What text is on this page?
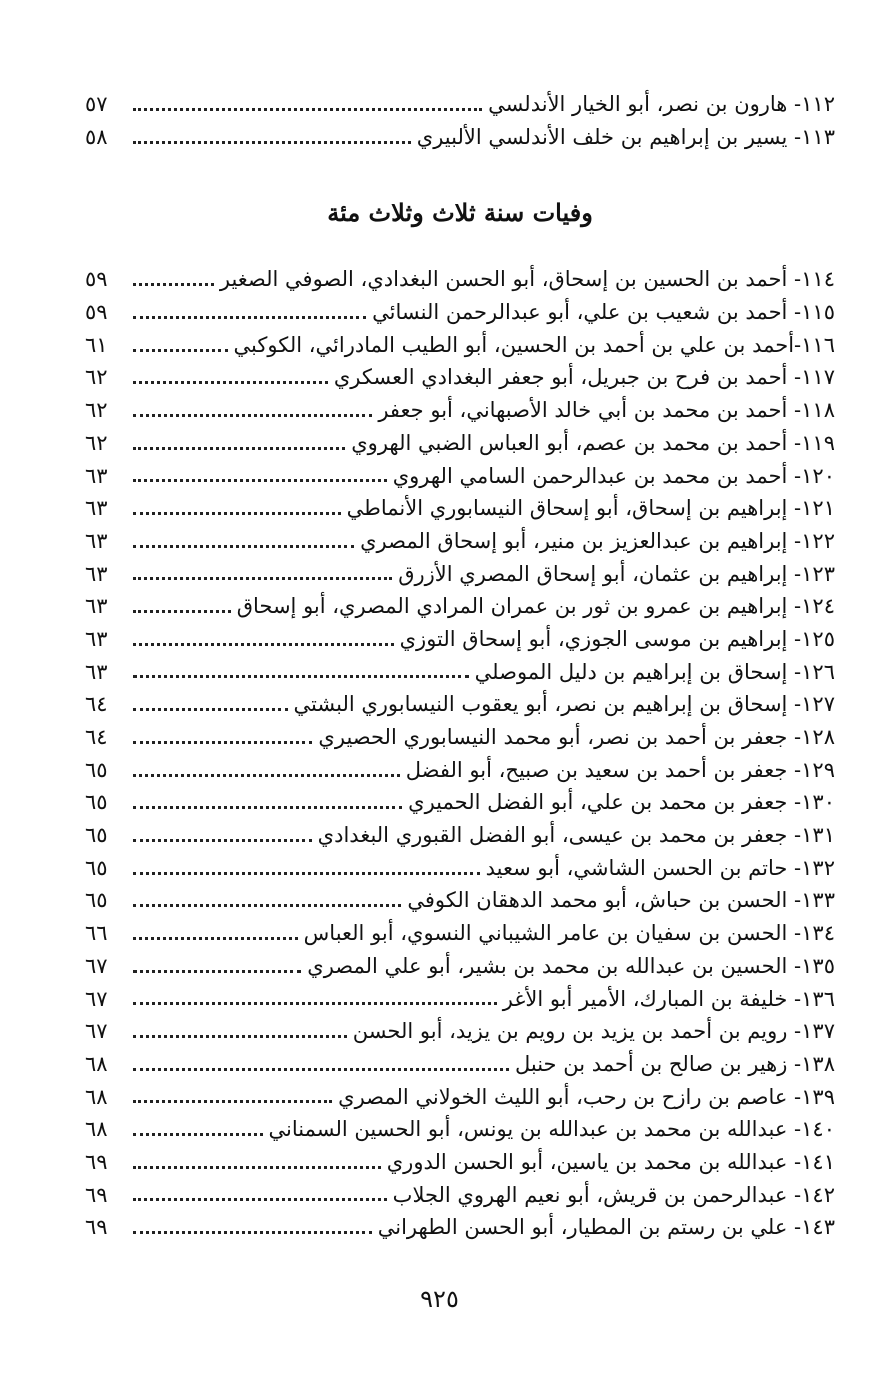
١١٢- هارون بن نصر، أبو الخيار الأندلسي
٥٧
١١٣- يسير بن إبراهيم بن خلف الأندلسي الألبيري
٥٨
وفيات سنة ثلاث وثلاث مئة
١١٤- أحمد بن الحسين بن إسحاق، أبو الحسن البغدادي، الصوفي الصغير
٥٩
١١٥- أحمد بن شعيب بن علي، أبو عبدالرحمن النسائي
٥٩
١١٦-أحمد بن علي بن أحمد بن الحسين، أبو الطيب المادرائي، الكوكبي
٦١
١١٧- أحمد بن فرح بن جبريل، أبو جعفر البغدادي العسكري
٦٢
١١٨- أحمد بن محمد بن أبي خالد الأصبهاني، أبو جعفر
٦٢
١١٩- أحمد بن محمد بن عصم، أبو العباس الضبي الهروي
٦٢
١٢٠- أحمد بن محمد بن عبدالرحمن السامي الهروي
٦٣
١٢١- إبراهيم بن إسحاق، أبو إسحاق النيسابوري الأنماطي
٦٣
١٢٢- إبراهيم بن عبدالعزيز بن منير، أبو إسحاق المصري
٦٣
١٢٣- إبراهيم بن عثمان، أبو إسحاق المصري الأزرق
٦٣
١٢٤- إبراهيم بن عمرو بن ثور بن عمران المرادي المصري، أبو إسحاق
٦٣
١٢٥- إبراهيم بن موسى الجوزي، أبو إسحاق التوزي
٦٣
١٢٦- إسحاق بن إبراهيم بن دليل الموصلي
٦٣
١٢٧- إسحاق بن إبراهيم بن نصر، أبو يعقوب النيسابوري البشتي
٦٤
١٢٨- جعفر بن أحمد بن نصر، أبو محمد النيسابوري الحصيري
٦٤
١٢٩- جعفر بن أحمد بن سعيد بن صبيح، أبو الفضل
٦٥
١٣٠- جعفر بن محمد بن علي، أبو الفضل الحميري
٦٥
١٣١- جعفر بن محمد بن عيسى، أبو الفضل القبوري البغدادي
٦٥
١٣٢- حاتم بن الحسن الشاشي، أبو سعيد
٦٥
١٣٣- الحسن بن حباش، أبو محمد الدهقان الكوفي
٦٥
١٣٤- الحسن بن سفيان بن عامر الشيباني النسوي، أبو العباس
٦٦
١٣٥- الحسين بن عبدالله بن محمد بن بشير، أبو علي المصري
٦٧
١٣٦- خليفة بن المبارك، الأمير أبو الأغر
٦٧
١٣٧- رويم بن أحمد بن يزيد بن رويم بن يزيد، أبو الحسن
٦٧
١٣٨- زهير بن صالح بن أحمد بن حنبل
٦٨
١٣٩- عاصم بن رازح بن رحب، أبو الليث الخولاني المصري
٦٨
١٤٠- عبدالله بن محمد بن عبدالله بن يونس، أبو الحسين السمناني
٦٨
١٤١- عبدالله بن محمد بن ياسين، أبو الحسن الدوري
٦٩
١٤٢- عبدالرحمن بن قريش، أبو نعيم الهروي الجلاب
٦٩
١٤٣- علي بن رستم بن المطيار، أبو الحسن الطهراني
٦٩
٩٢٥
